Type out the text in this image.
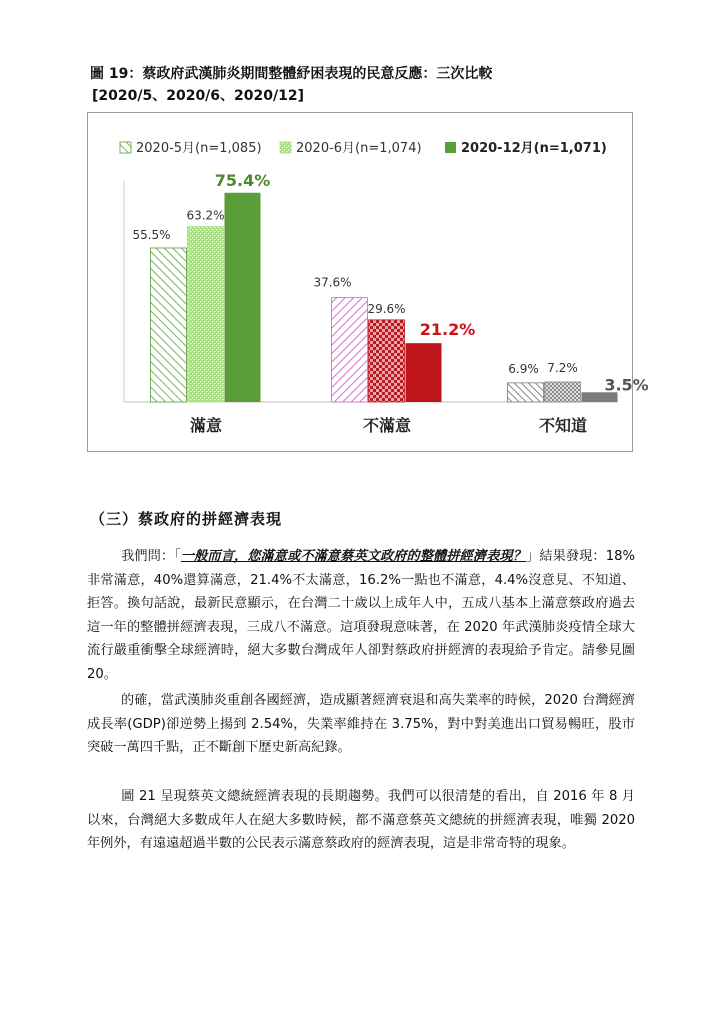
圖 19：蔡政府武漢肺炎期間整體紓困表現的民意反應：三次比較
[2020/5、2020/6、2020/12]
2020-5月(n=1,085)	2020-6月(n=1,074)	2020-12月(n=1,071)
55.5%
63.2%
75.4%
滿意
37.6%
29.6%
21.2%
不滿意
6.9% 7.2%
3.5%
不知道
（三）蔡政府的拼經濟表現

我們問：「一般而言，您滿意或不滿意蔡英文政府的整體拼經濟表現？」結果發現：18%非常滿意，40%還算滿意，21.4%不太滿意，16.2%一點也不滿意，4.4%沒意見、不知道、拒答。換句話說，最新民意顯示，在台灣二十歲以上成年人中，五成八基本上滿意蔡政府過去這一年的整體拼經濟表現，三成八不滿意。這項發現意味著，在 2020 年武漢肺炎疫情全球大流行嚴重衝擊全球經濟時，絕大多數台灣成年人卻對蔡政府拼經濟的表現給予肯定。請參見圖 20。

的確，當武漢肺炎重創各國經濟，造成顯著經濟衰退和高失業率的時候，2020 台灣經濟成長率(GDP)卻逆勢上揚到 2.54%，失業率維持在 3.75%，對中對美進出口貿易暢旺，股市突破一萬四千點，正不斷創下歷史新高紀錄。

圖 21 呈現蔡英文總統經濟表現的長期趨勢。我們可以很清楚的看出，自 2016 年 8 月以來，台灣絕大多數成年人在絕大多數時候，都不滿意蔡英文總統的拼經濟表現，唯獨 2020 年例外，有遠遠超過半數的公民表示滿意蔡政府的經濟表現，這是非常奇特的現象。
